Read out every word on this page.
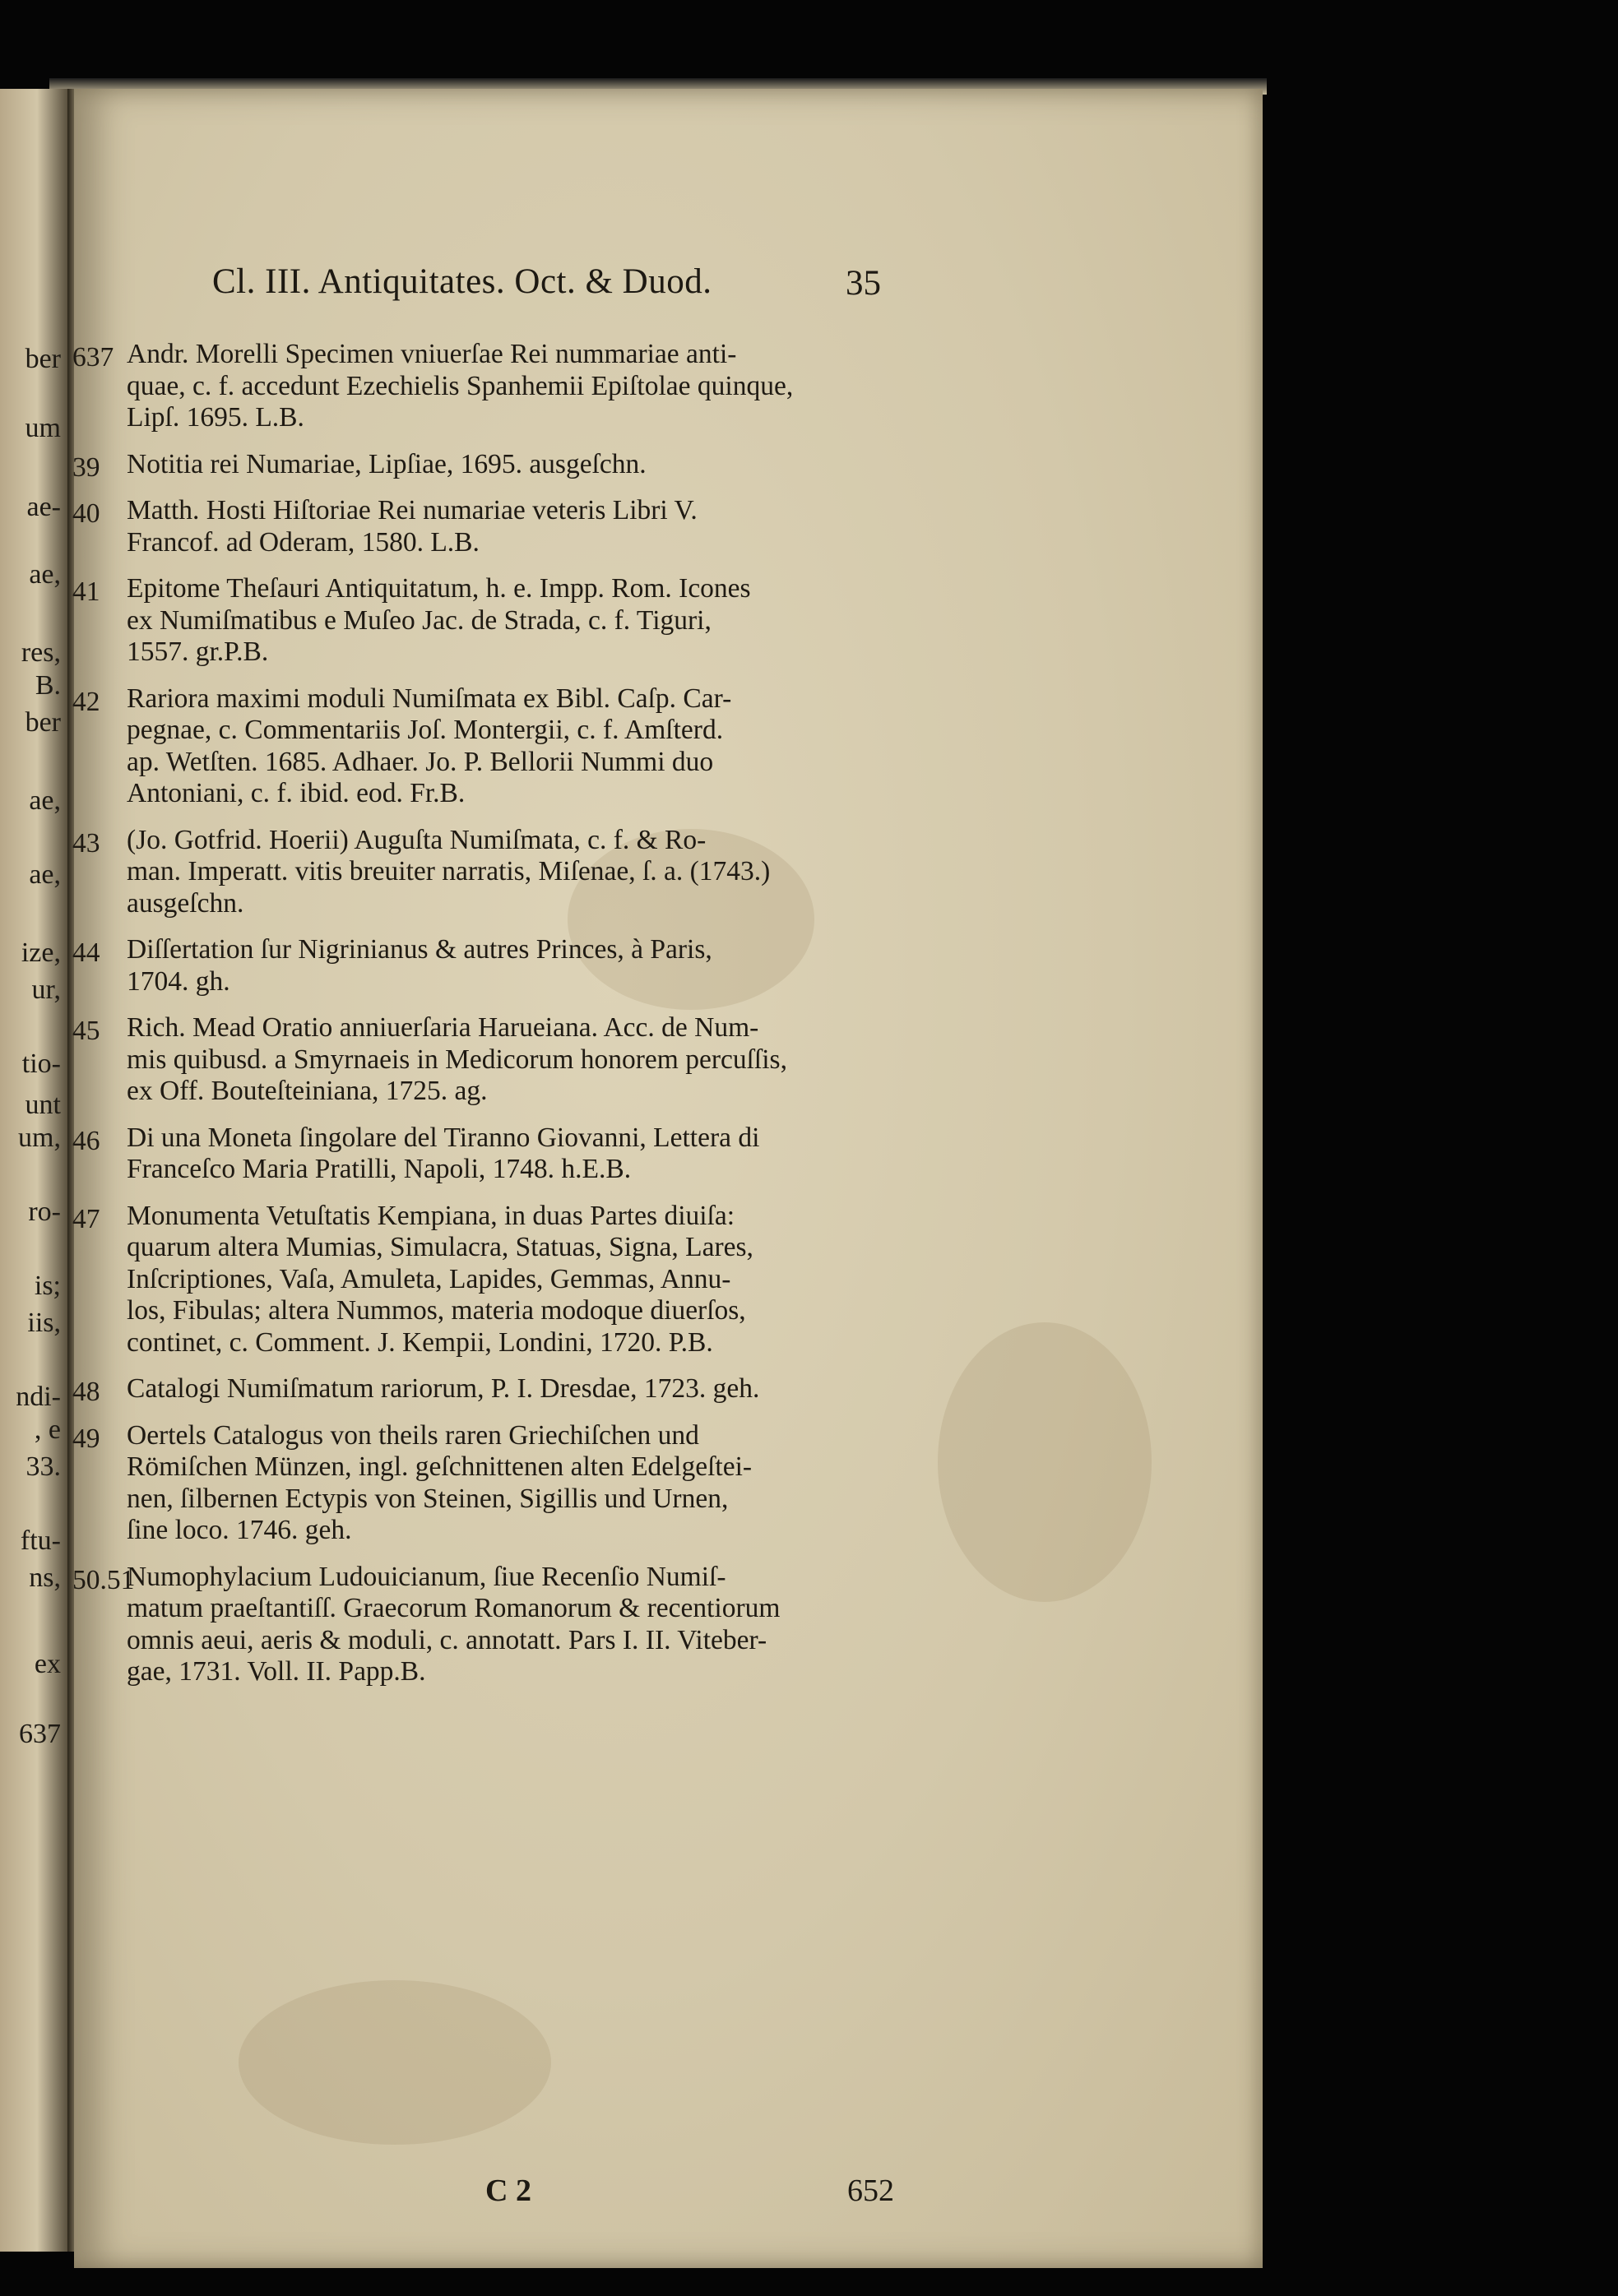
ber
um
ae-
ae,
res,
B.
ber
ae,
ae,
ize,
ur,
tio-
unt
um,
ro-
is;
iis,
ndi-
, e
33.
ftu-
ns,
ex
637
Cl. III. Antiquitates. Oct. & Duod.	35
637 Andr. Morelli Specimen vniuerſae Rei nummariae anti-
quae, c. f. accedunt Ezechielis Spanhemii Epiſtolae quinque,
Lipſ. 1695. L.B.
39 Notitia rei Numariae, Lipſiae, 1695. ausgeſchn.
40 Matth. Hosti Hiſtoriae Rei numariae veteris Libri V.
Francof. ad Oderam, 1580. L.B.
41 Epitome Theſauri Antiquitatum, h. e. Impp. Rom. Icones
ex Numiſmatibus e Muſeo Jac. de Strada, c. f. Tiguri,
1557. gr.P.B.
42 Rariora maximi moduli Numiſmata ex Bibl. Caſp. Car-
pegnae, c. Commentariis Joſ. Montergii, c. f. Amſterd.
ap. Wetſten. 1685. Adhaer. Jo. P. Bellorii Nummi duo
Antoniani, c. f. ibid. eod. Fr.B.
43 (Jo. Gotfrid. Hoerii) Auguſta Numiſmata, c. f. & Ro-
man. Imperatt. vitis breuiter narratis, Miſenae, ſ. a. (1743.)
ausgeſchn.
44 Diſſertation ſur Nigrinianus & autres Princes, à Paris,
1704. gh.
45 Rich. Mead Oratio anniuerſaria Harueiana. Acc. de Num-
mis quibusd. a Smyrnaeis in Medicorum honorem percuſſis,
ex Off. Bouteſteiniana, 1725. ag.
46 Di una Moneta ſingolare del Tiranno Giovanni, Lettera di
Franceſco Maria Pratilli, Napoli, 1748. h.E.B.
47 Monumenta Vetuſtatis Kempiana, in duas Partes diuiſa:
quarum altera Mumias, Simulacra, Statuas, Signa, Lares,
Inſcriptiones, Vaſa, Amuleta, Lapides, Gemmas, Annu-
los, Fibulas; altera Nummos, materia modoque diuerſos,
continet, c. Comment. J. Kempii, Londini, 1720. P.B.
48 Catalogi Numiſmatum rariorum, P. I. Dresdae, 1723. geh.
49 Oertels Catalogus von theils raren Griechiſchen und
Römiſchen Münzen, ingl. geſchnittenen alten Edelgeſtei-
nen, ſilbernen Ectypis von Steinen, Sigillis und Urnen,
ſine loco. 1746. geh.
50.51
Numophylacium Ludouicianum, ſiue Recenſio Numiſ-
matum praeſtantiſſ. Graecorum Romanorum & recentiorum
omnis aeui, aeris & moduli, c. annotatt. Pars I. II. Viteber-
gae, 1731. Voll. II. Papp.B.
C 2	652
